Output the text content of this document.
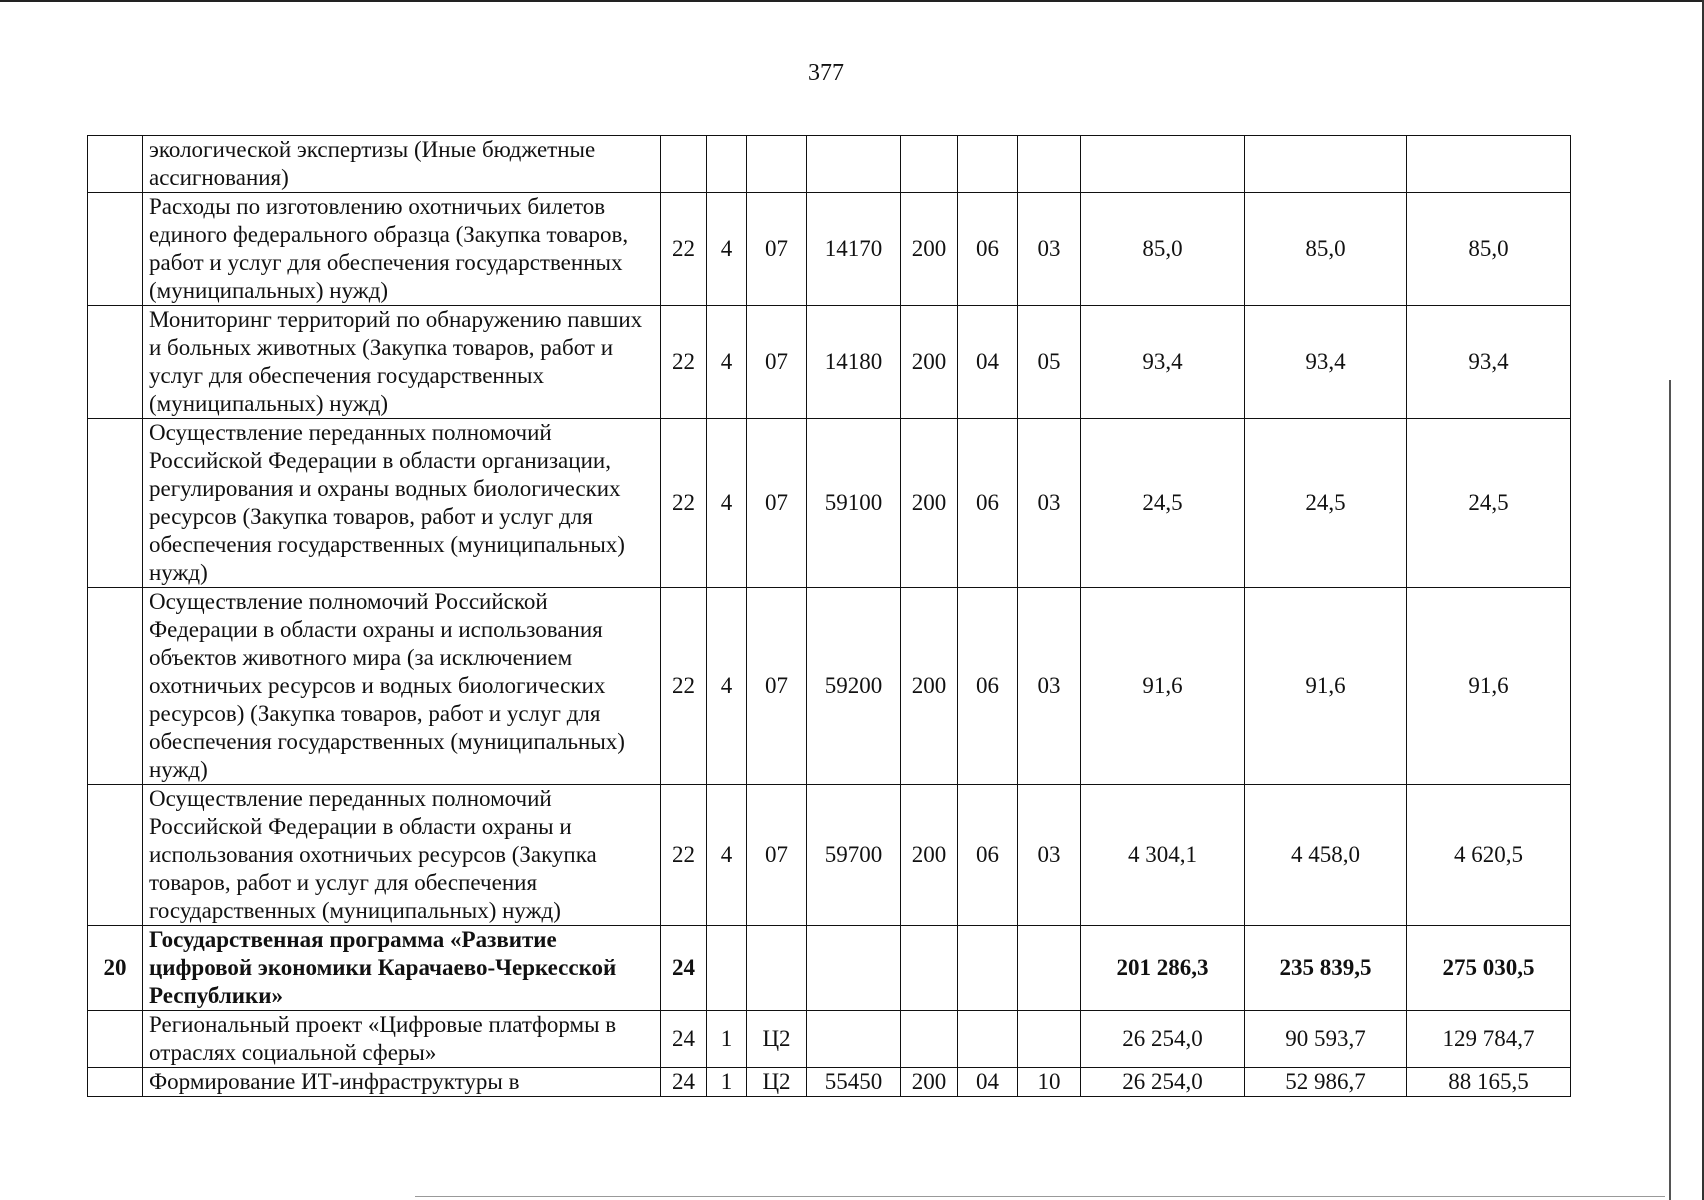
377
	экологической экспертизы (Иные бюджетные ассигнования)										
	Расходы по изготовлению охотничьих билетов единого федерального образца (Закупка товаров, работ и услуг для обеспечения государственных (муниципальных) нужд)	22	4	07	14170	200	06	03	85,0	85,0	85,0
	Мониторинг территорий по обнаружению павших и больных животных (Закупка товаров, работ и услуг для обеспечения государственных (муниципальных) нужд)	22	4	07	14180	200	04	05	93,4	93,4	93,4
	Осуществление переданных полномочий Российской Федерации в области организации, регулирования и охраны водных биологических ресурсов (Закупка товаров, работ и услуг для обеспечения государственных (муниципальных) нужд)	22	4	07	59100	200	06	03	24,5	24,5	24,5
	Осуществление полномочий Российской Федерации в области охраны и использования объектов животного мира (за исключением охотничьих ресурсов и водных биологических ресурсов) (Закупка товаров, работ и услуг для обеспечения государственных (муниципальных) нужд)	22	4	07	59200	200	06	03	91,6	91,6	91,6
	Осуществление переданных полномочий Российской Федерации в области охраны и использования охотничьих ресурсов (Закупка товаров, работ и услуг для обеспечения государственных (муниципальных) нужд)	22	4	07	59700	200	06	03	4 304,1	4 458,0	4 620,5
20	Государственная программа «Развитие цифровой экономики Карачаево-Черкесской Республики»	24							201 286,3	235 839,5	275 030,5
	Региональный проект «Цифровые платформы в отраслях социальной сферы»	24	1	Ц2					26 254,0	90 593,7	129 784,7
	Формирование ИТ-инфраструктуры в	24	1	Ц2	55450	200	04	10	26 254,0	52 986,7	88 165,5
